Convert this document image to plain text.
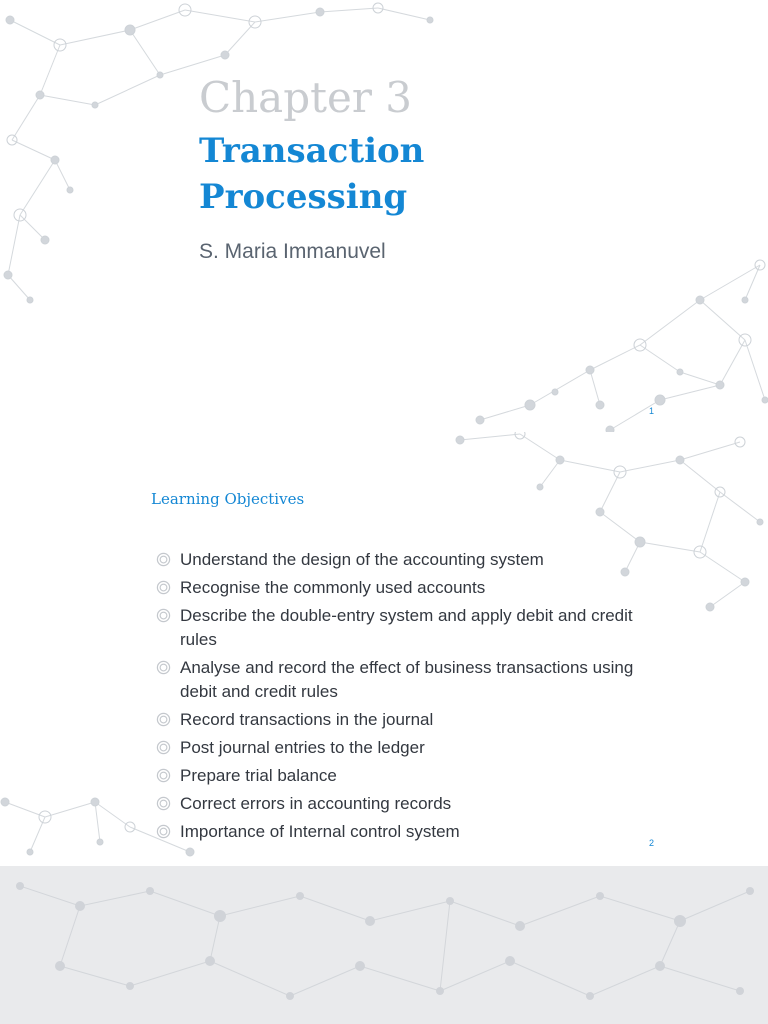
Chapter 3
Transaction Processing
S. Maria Immanuvel
1
Learning Objectives
Understand the design of the accounting system
Recognise the commonly used accounts
Describe the double-entry system and apply debit and credit rules
Analyse and record the effect of business transactions using debit and credit rules
Record transactions in the journal
Post journal entries to the ledger
Prepare trial balance
Correct errors in accounting records
Importance of Internal control system
2
